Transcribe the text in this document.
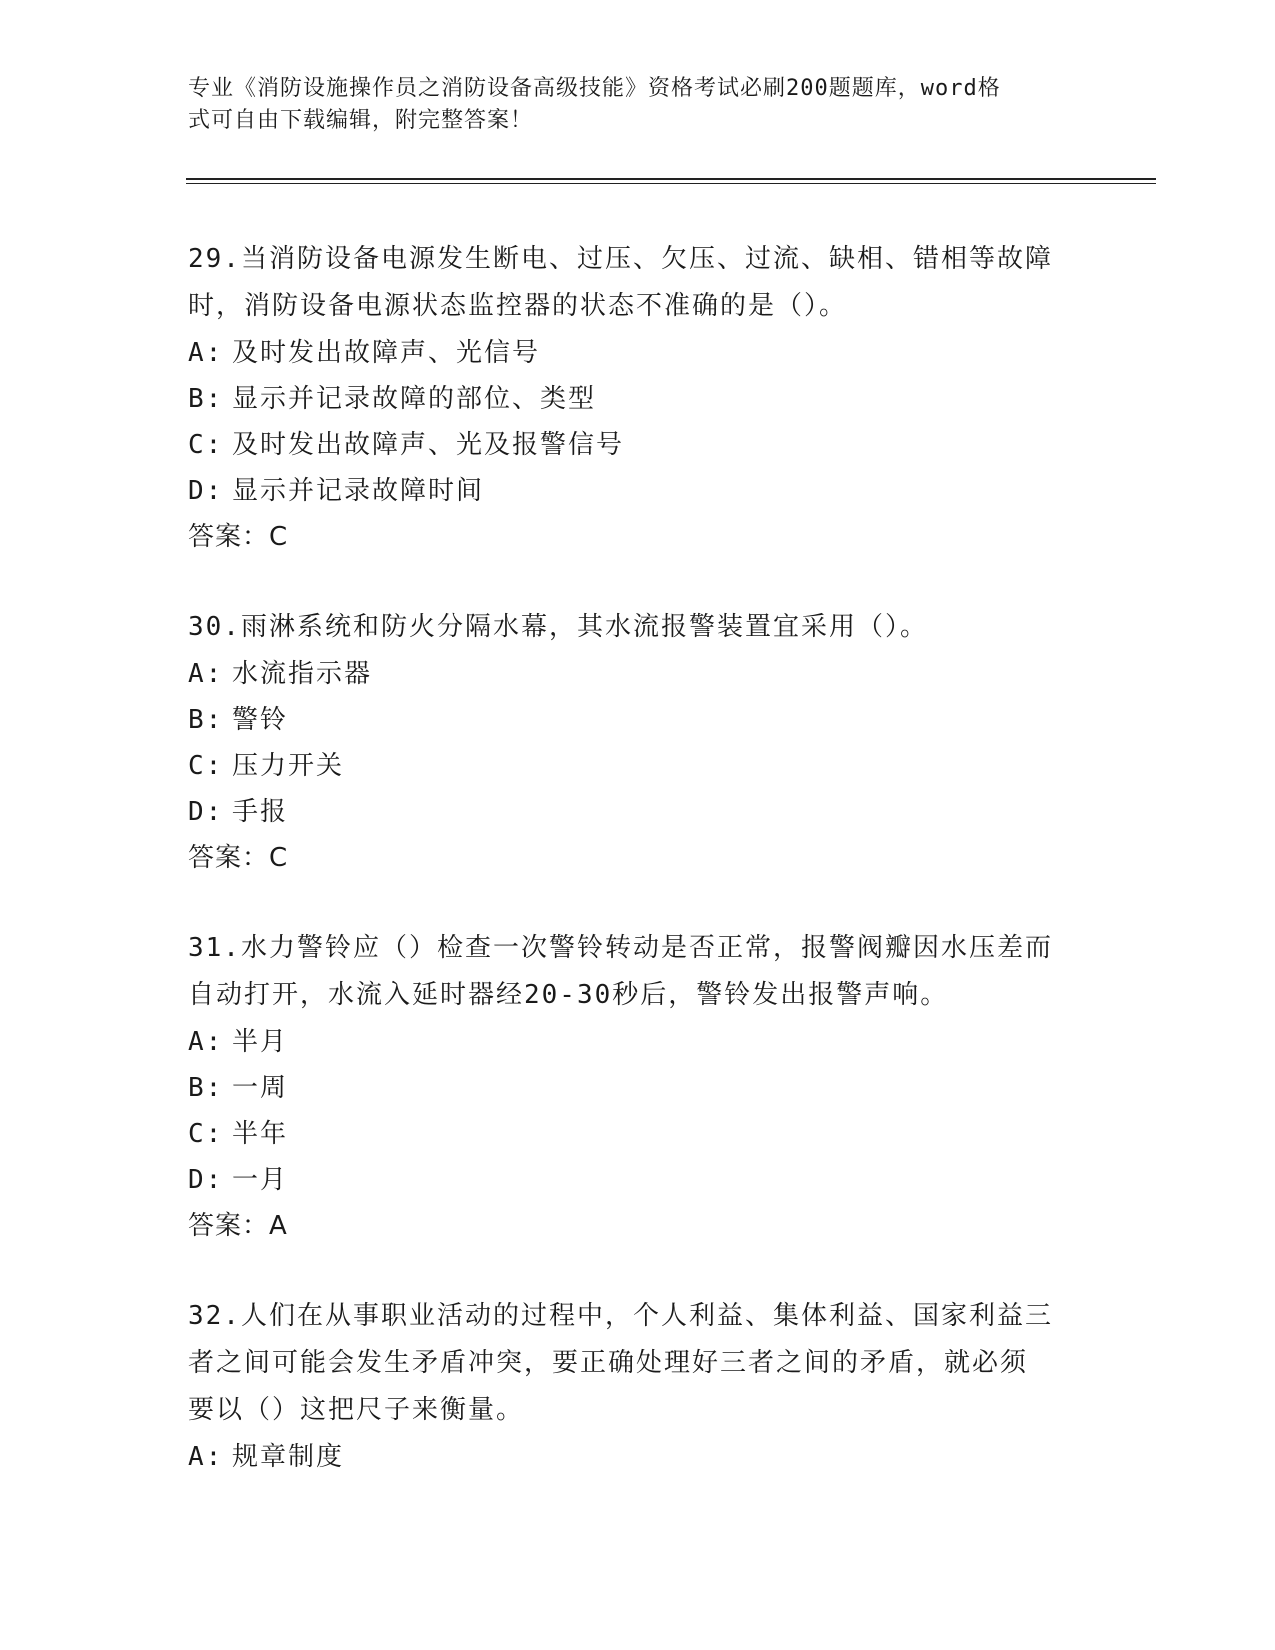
专业《消防设施操作员之消防设备高级技能》资格考试必刷200题题库，word格
式可自由下载编辑，附完整答案！

29.当消防设备电源发生断电、过压、欠压、过流、缺相、错相等故障

时，消防设备电源状态监控器的状态不准确的是（）。

A: 及时发出故障声、光信号

B: 显示并记录故障的部位、类型

C: 及时发出故障声、光及报警信号

D: 显示并记录故障时间

答案：C

30.雨淋系统和防火分隔水幕，其水流报警装置宜采用（）。

A: 水流指示器

B: 警铃

C: 压力开关

D: 手报

答案：C

31.水力警铃应（）检查一次警铃转动是否正常，报警阀瓣因水压差而

自动打开，水流入延时器经20-30秒后，警铃发出报警声响。

A: 半月

B: 一周

C: 半年

D: 一月

答案：A

32.人们在从事职业活动的过程中，个人利益、集体利益、国家利益三

者之间可能会发生矛盾冲突，要正确处理好三者之间的矛盾，就必须

要以（）这把尺子来衡量。

A: 规章制度
